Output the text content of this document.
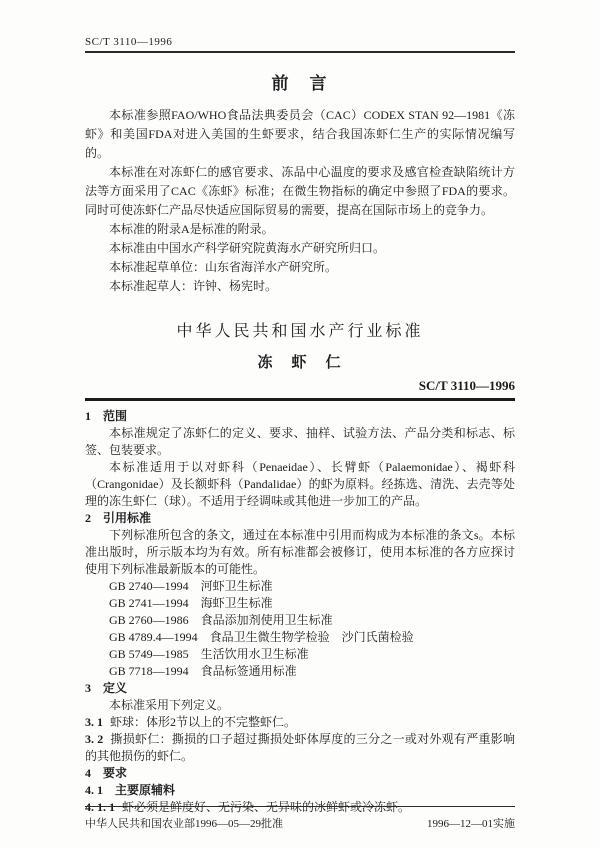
SC/T 3110—1996
前　言

本标准参照FAO/WHO食品法典委员会（CAC）CODEX STAN 92—1981《冻虾》和美国FDA对进入美国的生虾要求，结合我国冻虾仁生产的实际情况编写的。

本标准在对冻虾仁的感官要求、冻品中心温度的要求及感官检查缺陷统计方法等方面采用了CAC《冻虾》标准；在微生物指标的确定中参照了FDA的要求。同时可使冻虾仁产品尽快适应国际贸易的需要，提高在国际市场上的竞争力。

本标准的附录A是标准的附录。

本标准由中国水产科学研究院黄海水产研究所归口。

本标准起草单位：山东省海洋水产研究所。

本标准起草人：许钟、杨宪时。

中华人民共和国水产行业标准
冻　虾　仁
SC/T 3110—1996

1　范围

本标准规定了冻虾仁的定义、要求、抽样、试验方法、产品分类和标志、标签、包装要求。

本标准适用于以对虾科（Penaeidae）、长臂虾（Palaemonidae）、褐虾科（Crangonidae）及长额虾科（Pandalidae）的虾为原料。经拣选、清洗、去壳等处理的冻生虾仁（球）。不适用于经调味或其他进一步加工的产品。

2　引用标准

下列标准所包含的条文，通过在本标准中引用而构成为本标准的条文s。本标准出版时，所示版本均为有效。所有标准都会被修订，使用本标准的各方应探讨使用下列标准最新版本的可能性。

GB 2740—1994　河虾卫生标准

GB 2741—1994　海虾卫生标准

GB 2760—1986　食品添加剂使用卫生标准

GB 4789.4—1994　食品卫生微生物学检验　沙门氏菌检验

GB 5749—1985　生活饮用水卫生标准

GB 7718—1994　食品标签通用标准

3　定义

本标准采用下列定义。

3. 1 虾球：体形2节以上的不完整虾仁。

3. 2 撕损虾仁：撕损的口子超过撕损处虾体厚度的三分之一或对外观有严重影响的其他损伤的虾仁。

4　要求

4. 1　主要原辅料

4. 1. 1 虾必须是鲜度好、无污染、无异味的冰鲜虾或冷冻虾。

中华人民共和国农业部1996—05—29批准	1996—12—01实施
